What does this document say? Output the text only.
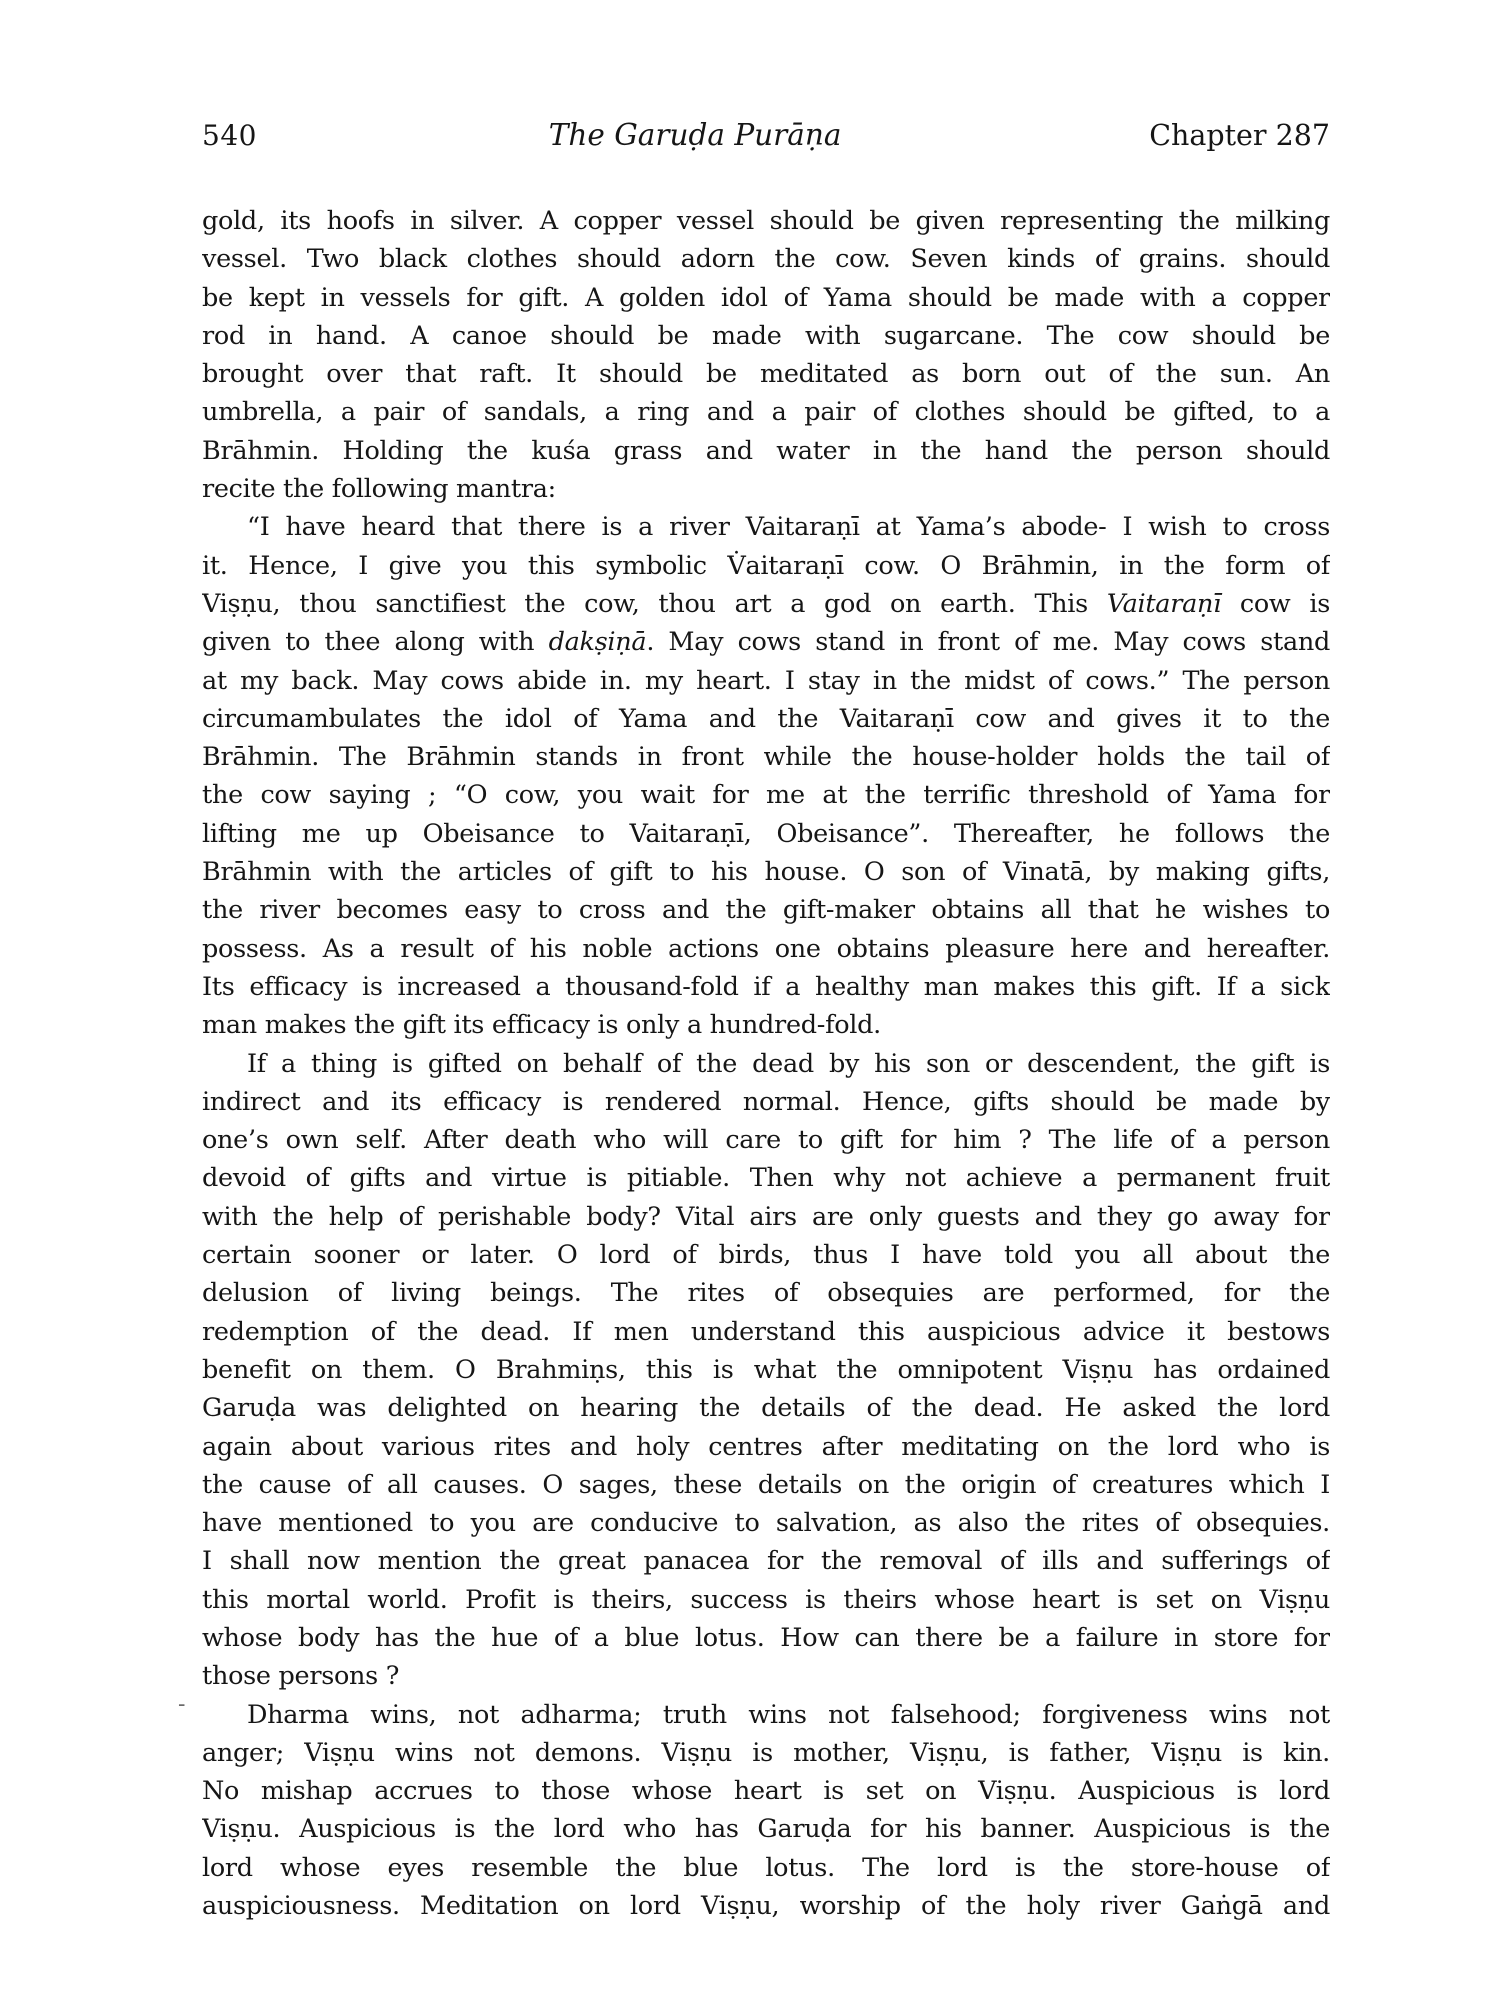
540	The Garuḍa Purāṇa	Chapter 287
gold, its hoofs in silver. A copper vessel should be given representing the milking
vessel. Two black clothes should adorn the cow. Seven kinds of grains. should
be kept in vessels for gift. A golden idol of Yama should be made with a copper
rod in hand. A canoe should be made with sugarcane. The cow should be
brought over that raft. It should be meditated as born out of the sun. An
umbrella, a pair of sandals, a ring and a pair of clothes should be gifted, to a
Brāhmin. Holding the kuśa grass and water in the hand the person should
recite the following mantra:
“I have heard that there is a river Vaitaraṇī at Yama’s abode- I wish to cross
it. Hence, I give you this symbolic V̇aitaraṇī cow. O Brāhmin, in the form of
Viṣṇu, thou sanctifiest the cow, thou art a god on earth. This Vaitaraṇī cow is
given to thee along with dakṣiṇā. May cows stand in front of me. May cows stand
at my back. May cows abide in. my heart. I stay in the midst of cows.” The person
circumambulates the idol of Yama and the Vaitaraṇī cow and gives it to the
Brāhmin. The Brāhmin stands in front while the house-holder holds the tail of
the cow saying ; “O cow, you wait for me at the terrific threshold of Yama for
lifting me up Obeisance to Vaitaraṇī, Obeisance”. Thereafter, he follows the
Brāhmin with the articles of gift to his house. O son of Vinatā, by making gifts,
the river becomes easy to cross and the gift-maker obtains all that he wishes to
possess. As a result of his noble actions one obtains pleasure here and hereafter.
Its efficacy is increased a thousand-fold if a healthy man makes this gift. If a sick
man makes the gift its efficacy is only a hundred-fold.
If a thing is gifted on behalf of the dead by his son or descendent, the gift is
indirect and its efficacy is rendered normal. Hence, gifts should be made by
one’s own self. After death who will care to gift for him ? The life of a person
devoid of gifts and virtue is pitiable. Then why not achieve a permanent fruit
with the help of perishable body? Vital airs are only guests and they go away for
certain sooner or later. O lord of birds, thus I have told you all about the
delusion of living beings. The rites of obsequies are performed, for the
redemption of the dead. If men understand this auspicious advice it bestows
benefit on them. O Brahmiṇs, this is what the omnipotent Viṣṇu has ordained
Garuḍa was delighted on hearing the details of the dead. He asked the lord
again about various rites and holy centres after meditating on the lord who is
the cause of all causes. O sages, these details on the origin of creatures which I
have mentioned to you are conducive to salvation, as also the rites of obsequies.
I shall now mention the great panacea for the removal of ills and sufferings of
this mortal world. Profit is theirs, success is theirs whose heart is set on Viṣṇu
whose body has the hue of a blue lotus. How can there be a failure in store for
those persons ?
Dharma wins, not adharma; truth wins not falsehood; forgiveness wins not
anger; Viṣṇu wins not demons. Viṣṇu is mother, Viṣṇu, is father, Viṣṇu is kin.
No mishap accrues to those whose heart is set on Viṣṇu. Auspicious is lord
Viṣṇu. Auspicious is the lord who has Garuḍa for his banner. Auspicious is the
lord whose eyes resemble the blue lotus. The lord is the store-house of
auspiciousness. Meditation on lord Viṣṇu, worship of the holy river Gaṅgā and
-
